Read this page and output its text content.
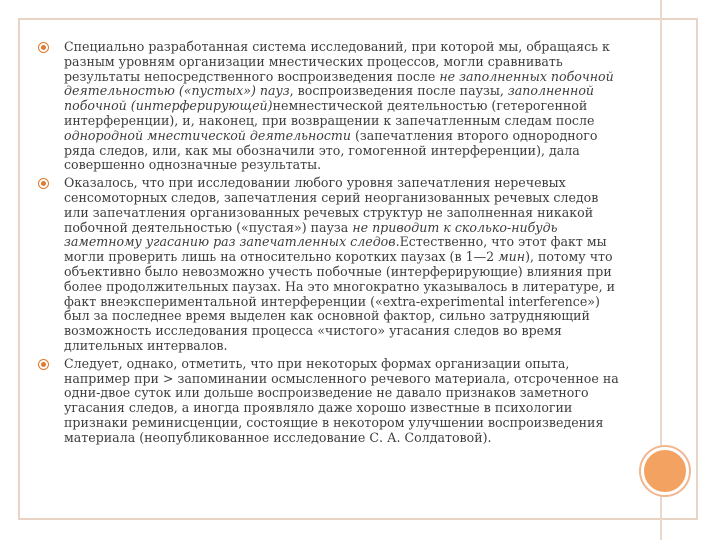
Специально разработанная система исследований, при которой мы, обращаясь к разным уровням организации мнестических процессов, могли сравнивать результаты непосредственного воспроизведения после не заполненных побочной деятельностью («пустых») пауз, воспроизведения после паузы, заполненной побочной (интерферирующей)немнестической деятельностью (гетерогенной интерференции), и, наконец, при возвращении к запечатленным следам после однородной мнестической деятельности (запечатления второго однородного ряда следов, или, как мы обозначили это, гомогенной интерференции), дала совершенно однозначные результаты.
Оказалось, что при исследовании любого уровня запечатления неречевых сенсомоторных следов, запечатления серий неорганизованных речевых следов или запечатления организованных речевых структур не заполненная никакой побочной деятельностью («пустая») пауза не приводит к сколько-нибудь заметному угасанию раз запечатленных следов.Естественно, что этот факт мы могли проверить лишь на относительно коротких паузах (в 1—2 мин), потому что объективно было невозможно учесть побочные (интерферирующие) влияния при более продолжительных паузах. На это многократно указывалось в литературе, и факт внеэкспериментальной интерференции («extra-experimental interference») был за последнее время выделен как основной фактор, сильно затрудняющий возможность исследования процесса «чистого» угасания следов во время длительных интервалов.
Следует, однако, отметить, что при некоторых формах организации опыта, например при > запоминании осмысленного речевого материала, отсроченное на одни-двое суток или дольше воспроизведение не давало признаков заметного угасания следов, а иногда проявляло даже хорошо известные в психологии признаки реминисценции, состоящие в некотором улучшении воспроизведения материала (неопубликованное исследование С. А. Солдатовой).
